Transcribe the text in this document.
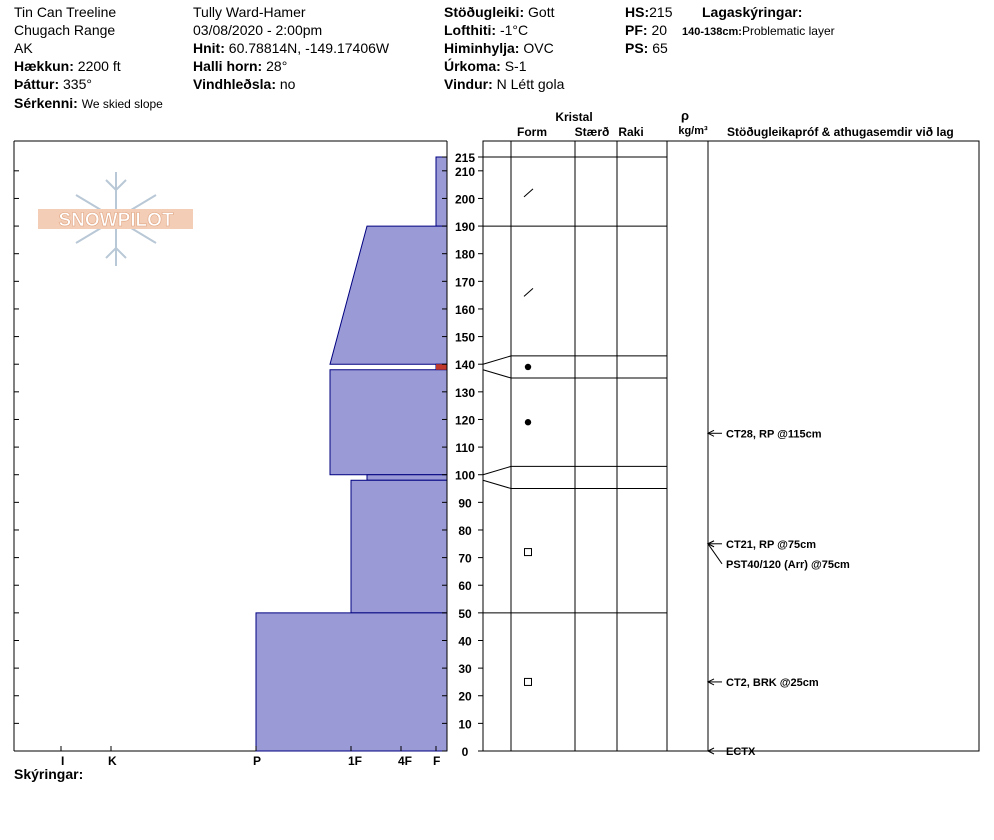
Tin Can Treeline
Chugach Range
AK
Hækkun: 2200 ft
Þáttur: 335°
Sérkenni: We skied slope
Tully Ward-Hamer
03/08/2020 - 2:00pm
Hnit: 60.78814N, -149.17406W
Halli horn: 28°
Vindhleðsla: no
Stöðugleiki: Gott
Lofthiti: -1°C
Himinhylja: OVC
Úrkoma: S-1
Vindur: N Létt gola
HS:215
PF: 20
PS: 65
Lagaskýringar:
140-138cm:Problematic layer
Skýringar:
SNOWPILOT
I	K	P	1F	4F F
0
10
20
30
40
50
60
70
80
90
100
110
120
130
140
150
160
170
180
190
200
210
215
CT28, RP @115cm
CT21, RP @75cm
PST40/120 (Arr) @75cm
CT2, BRK @25cm
ECTX
Kristal
Form Stærð Raki
ρ
kg/m³ Stöðugleikapróf & athugasemdir við lag
